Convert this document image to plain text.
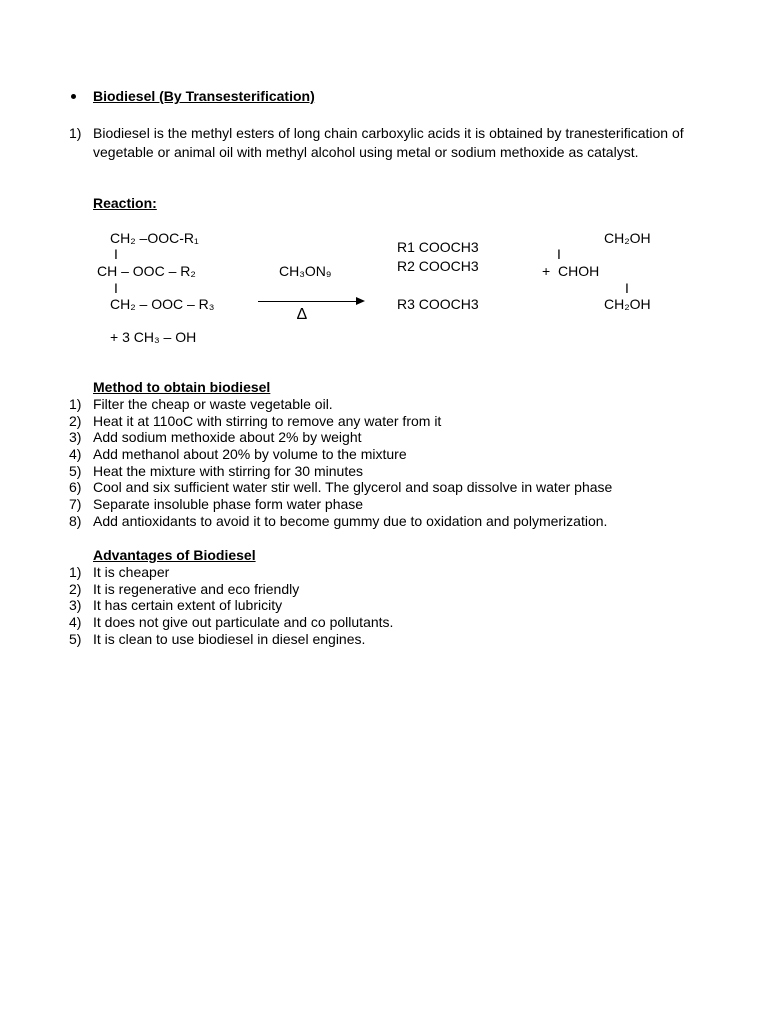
Biodiesel (By Transesterification)
1) Biodiesel is the methyl esters of long chain carboxylic acids it is obtained by tranesterification of vegetable or animal oil with methyl alcohol using metal or sodium methoxide as catalyst.
Reaction:
CH₂ –OOC-R₁
I
CH – OOC – R₂
I
CH₂ – OOC – R₃
+ 3 CH₃ – OH
CH₃ON₉
∆
R1 COOCH3
R2 COOCH3
R3 COOCH3
CH₂OH
I
+ CHOH
I
CH₂OH
Method to obtain biodiesel
1) Filter the cheap or waste vegetable oil.
2) Heat it at 110oC with stirring to remove any water from it
3) Add sodium methoxide about 2% by weight
4) Add methanol about 20% by volume to the mixture
5) Heat the mixture with stirring for 30 minutes
6) Cool and six sufficient water stir well. The glycerol and soap dissolve in water phase
7) Separate insoluble phase form water phase
8) Add antioxidants to avoid it to become gummy due to oxidation and polymerization.
Advantages of Biodiesel
1) It is cheaper
2) It is regenerative and eco friendly
3) It has certain extent of lubricity
4) It does not give out particulate and co pollutants.
5) It is clean to use biodiesel in diesel engines.
